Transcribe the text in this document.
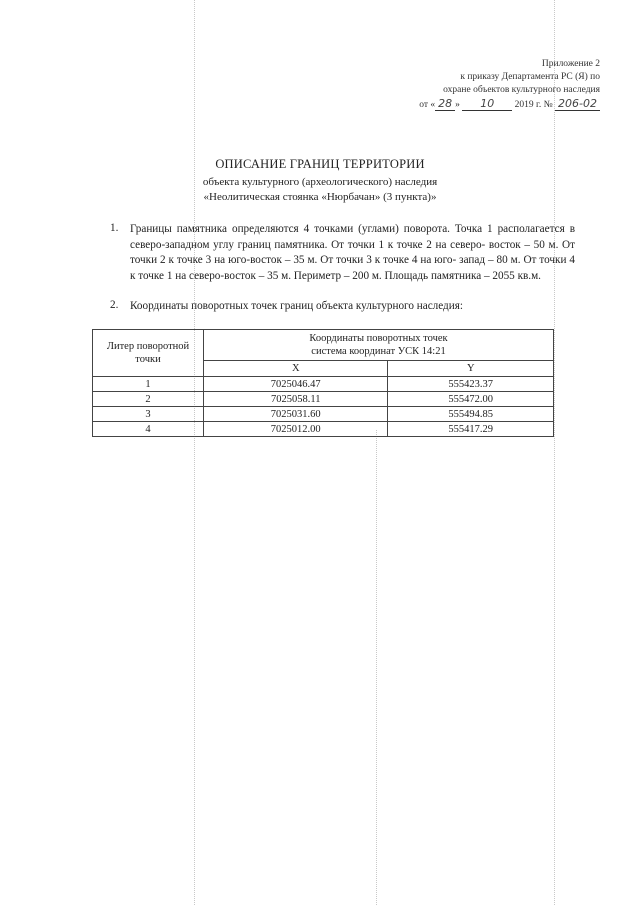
Приложение 2
к приказу Департамента РС (Я) по
охране объектов культурного наследия
от « 28 » 10 2019 г. № 206-02
ОПИСАНИЕ ГРАНИЦ ТЕРРИТОРИИ
объекта культурного (археологического) наследия
«Неолитическая стоянка «Нюрбачан» (3 пункта)»
1. Границы памятника определяются 4 точками (углами) поворота. Точка 1 располагается в северо-западном углу границ памятника. От точки 1 к точке 2 на северо- восток – 50 м. От точки 2 к точке 3 на юго-восток – 35 м. От точки 3 к точке 4 на юго- запад – 80 м. От точки 4 к точке 1 на северо-восток – 35 м. Периметр – 200 м. Площадь памятника – 2055 кв.м.
2. Координаты поворотных точек границ объекта культурного наследия:
Литер поворотной точки	Координаты поворотных точек
система координат УСК 14:21	

	X	Y
1	7025046.47	555423.37
2	7025058.11	555472.00
3	7025031.60	555494.85
4	7025012.00	555417.29
